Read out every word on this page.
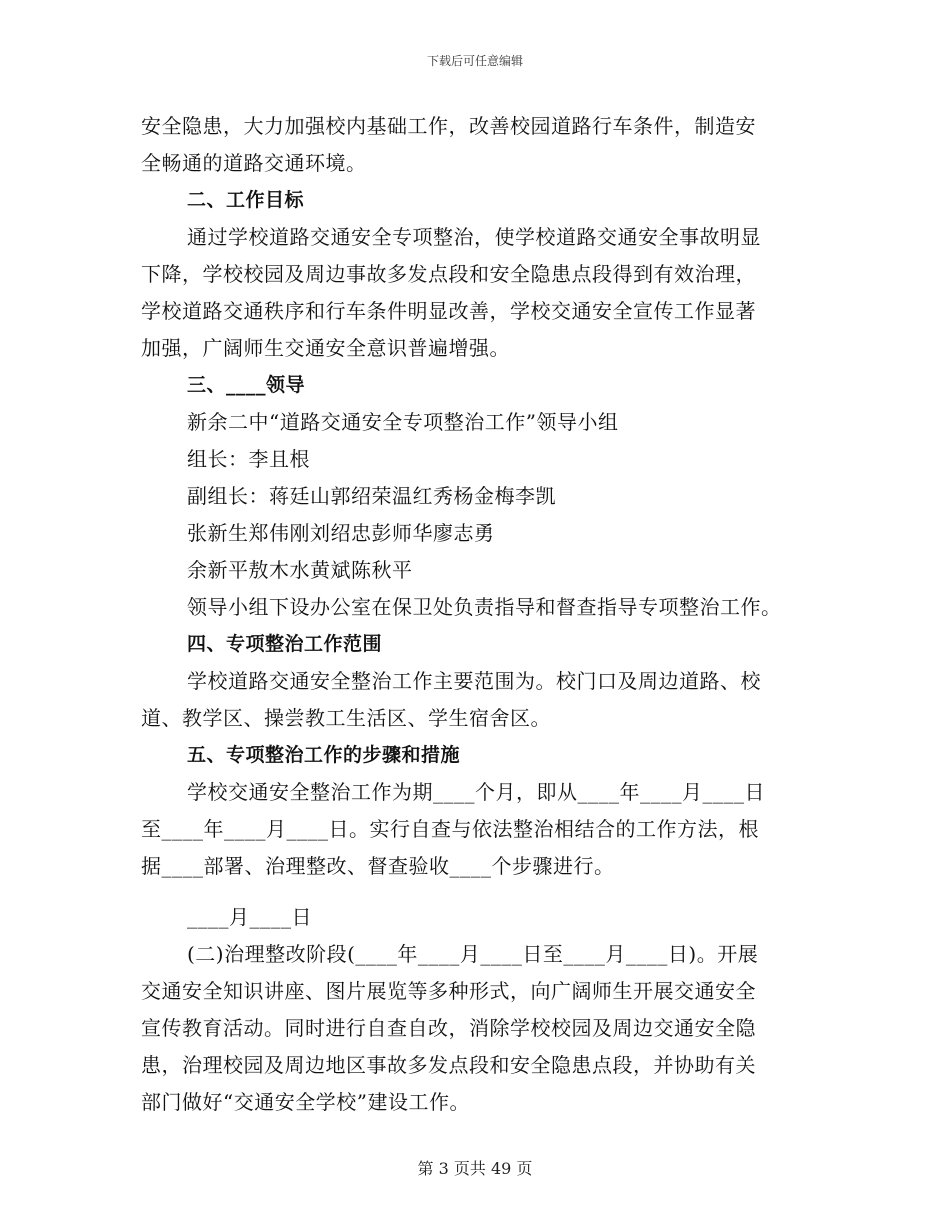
下载后可任意编辑
安全隐患，大力加强校内基础工作，改善校园道路行车条件，制造安
全畅通的道路交通环境。
二、工作目标
通过学校道路交通安全专项整治，使学校道路交通安全事故明显
下降，学校校园及周边事故多发点段和安全隐患点段得到有效治理，
学校道路交通秩序和行车条件明显改善，学校交通安全宣传工作显著
加强，广阔师生交通安全意识普遍增强。
三、____领导
新余二中“道路交通安全专项整治工作”领导小组
组长：李且根
副组长：蒋廷山郭绍荣温红秀杨金梅李凯
张新生郑伟刚刘绍忠彭师华廖志勇
余新平敖木水黄斌陈秋平
领导小组下设办公室在保卫处负责指导和督查指导专项整治工作。
四、专项整治工作范围
学校道路交通安全整治工作主要范围为。校门口及周边道路、校
道、教学区、操尝教工生活区、学生宿舍区。
五、专项整治工作的步骤和措施
学校交通安全整治工作为期____个月，即从____年____月____日
至____年____月____日。实行自查与依法整治相结合的工作方法，根
据____部署、治理整改、督查验收____个步骤进行。
____月____日
(二)治理整改阶段(____年____月____日至____月____日)。开展
交通安全知识讲座、图片展览等多种形式，向广阔师生开展交通安全
宣传教育活动。同时进行自查自改，消除学校校园及周边交通安全隐
患，治理校园及周边地区事故多发点段和安全隐患点段，并协助有关
部门做好“交通安全学校”建设工作。
第 3 页共 49 页
